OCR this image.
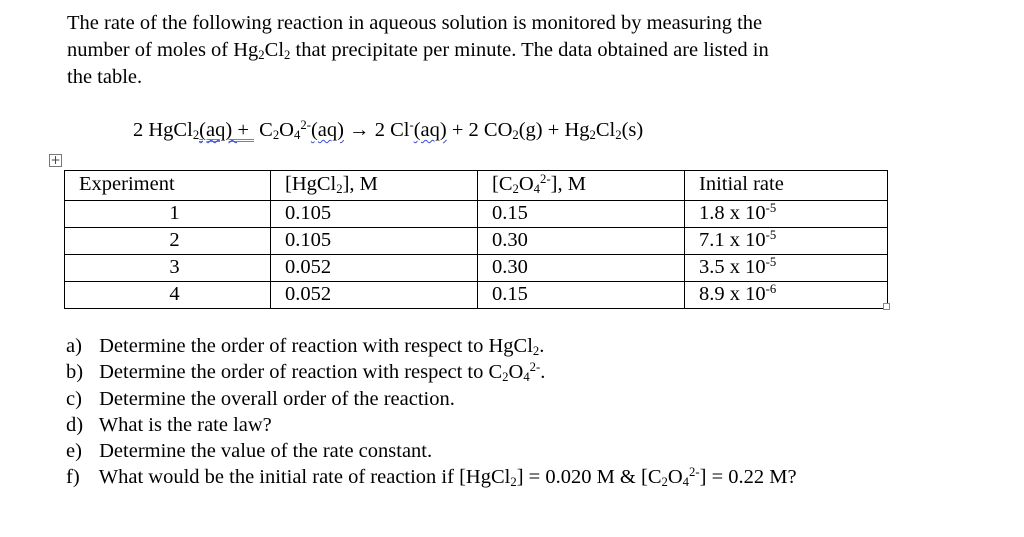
The rate of the following reaction in aqueous solution is monitored by measuring the
number of moles of $Hg_2Cl_2$ that precipitate per minute. The data obtained are listed in
the table.
2 HgCl$_2$(aq) +  $C_2O_4^{2-}(aq) \to 2$ Cl-(aq) + 2 $CO_2(g) + Hg_2Cl_2(s)$
+
Experiment	[HgCl$_2$], M	$[C_2O_4^{2-}]$, M	Initial rate
1	0.105	0.15	1.8 x $10^{-5}$
2	0.105	0.30	7.1 x $10^{-5}$
3	0.052	0.30	3.5 x $10^{-5}$
4	0.052	0.15	8.9 x $10^{-6}$
a) Determine the order of reaction with respect to HgCl$_2$.
b) Determine the order of reaction with respect to $C_2O_4^{2-}$.
c) Determine the overall order of the reaction.
d) What is the rate law?
e) Determine the value of the rate constant.
f) What would be the initial rate of reaction if [HgCl$_2$] = 0.020 M & $[C_2O_4^{2-}] = 0.22$ M?
